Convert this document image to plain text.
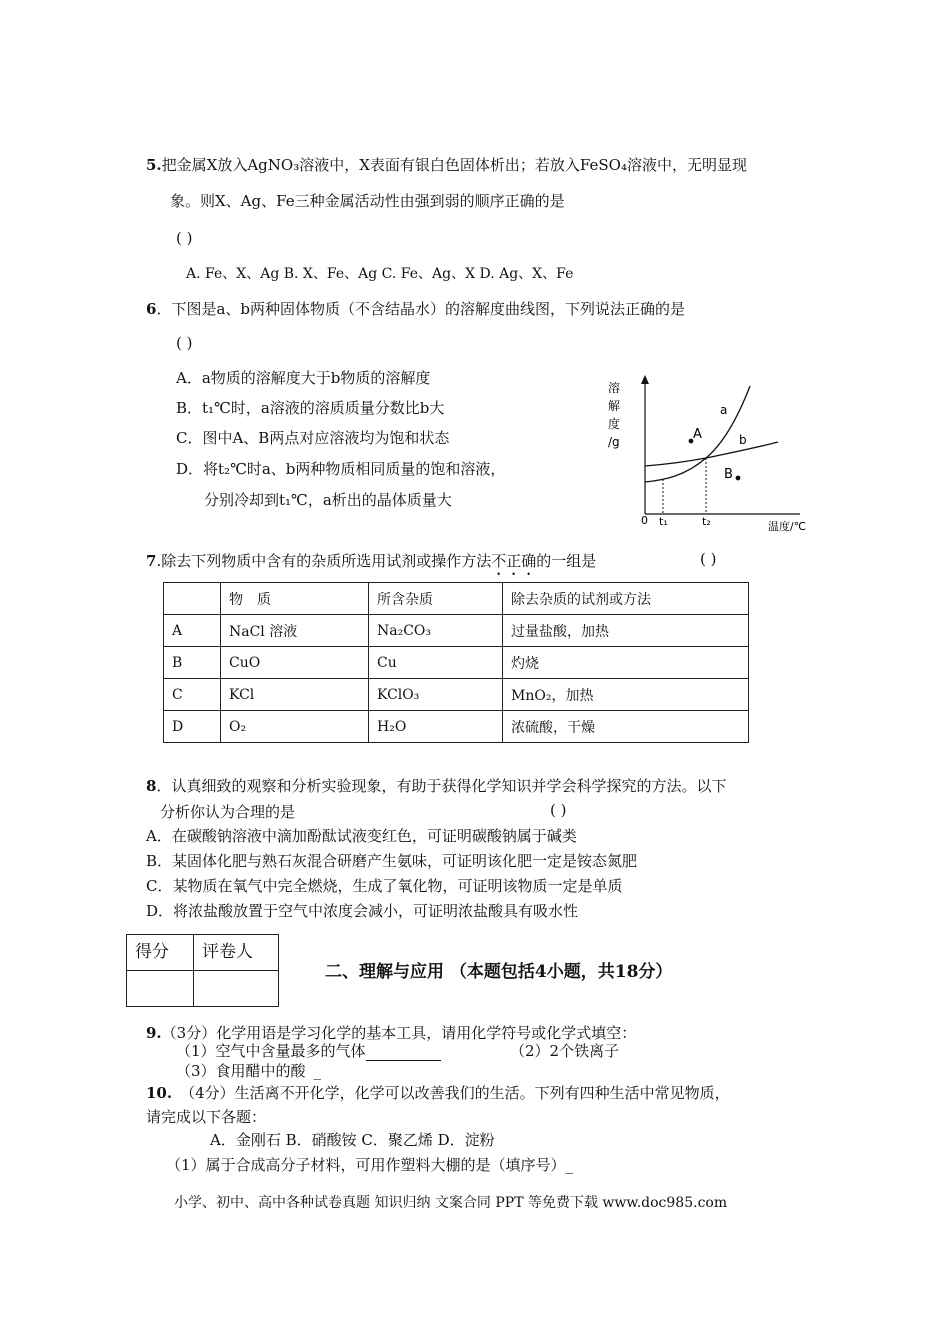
5.把金属X放入AgNO₃溶液中，X表面有银白色固体析出；若放入FeSO₄溶液中，无明显现
象。则X、Ag、Fe三种金属活动性由强到弱的顺序正确的是
( )
A. Fe、X、Ag B. X、Fe、Ag C. Fe、Ag、X D. Ag、X、Fe
6．下图是a、b两种固体物质（不含结晶水）的溶解度曲线图，下列说法正确的是
( )
A．a物质的溶解度大于b物质的溶解度
B．t₁℃时，a溶液的溶质质量分数比b大
C．图中A、B两点对应溶液均为饱和状态
D．将t₂℃时a、b两种物质相同质量的饱和溶液，
分别冷却到t₁℃，a析出的晶体质量大
溶
解
度
/g
a
b
A
B
0 t₁	t₂	温度/℃
7.除去下列物质中含有的杂质所选用试剂或操作方法不正确的一组是	( )
	物　质	所含杂质	除去杂质的试剂或方法
A	NaCl 溶液	Na₂CO₃	过量盐酸，加热
B	CuO	Cu	灼烧
C	KCl	KClO₃	MnO₂，加热
D	O₂	H₂O	浓硫酸，干燥
8．认真细致的观察和分析实验现象，有助于获得化学知识并学会科学探究的方法。以下
分析你认为合理的是	( )
A．在碳酸钠溶液中滴加酚酞试液变红色，可证明碳酸钠属于碱类
B．某固体化肥与熟石灰混合研磨产生氨味，可证明该化肥一定是铵态氮肥
C．某物质在氧气中完全燃烧，生成了氧化物，可证明该物质一定是单质
D．将浓盐酸放置于空气中浓度会减小，可证明浓盐酸具有吸水性
得分	评卷人

二、理解与应用 （本题包括4小题，共18分）
9.（3分）化学用语是学习化学的基本工具，请用化学符号或化学式填空：
（1）空气中含量最多的气体	（2）2个铁离子
（3）食用醋中的酸 _
10. （4分）生活离不开化学，化学可以改善我们的生活。下列有四种生活中常见物质，
请完成以下各题：
A．金刚石 B．硝酸铵 C．聚乙烯 D．淀粉
（1）属于合成高分子材料，可用作塑料大棚的是（填序号）_
小学、初中、高中各种试卷真题 知识归纳 文案合同 PPT 等免费下载 www.doc985.com
